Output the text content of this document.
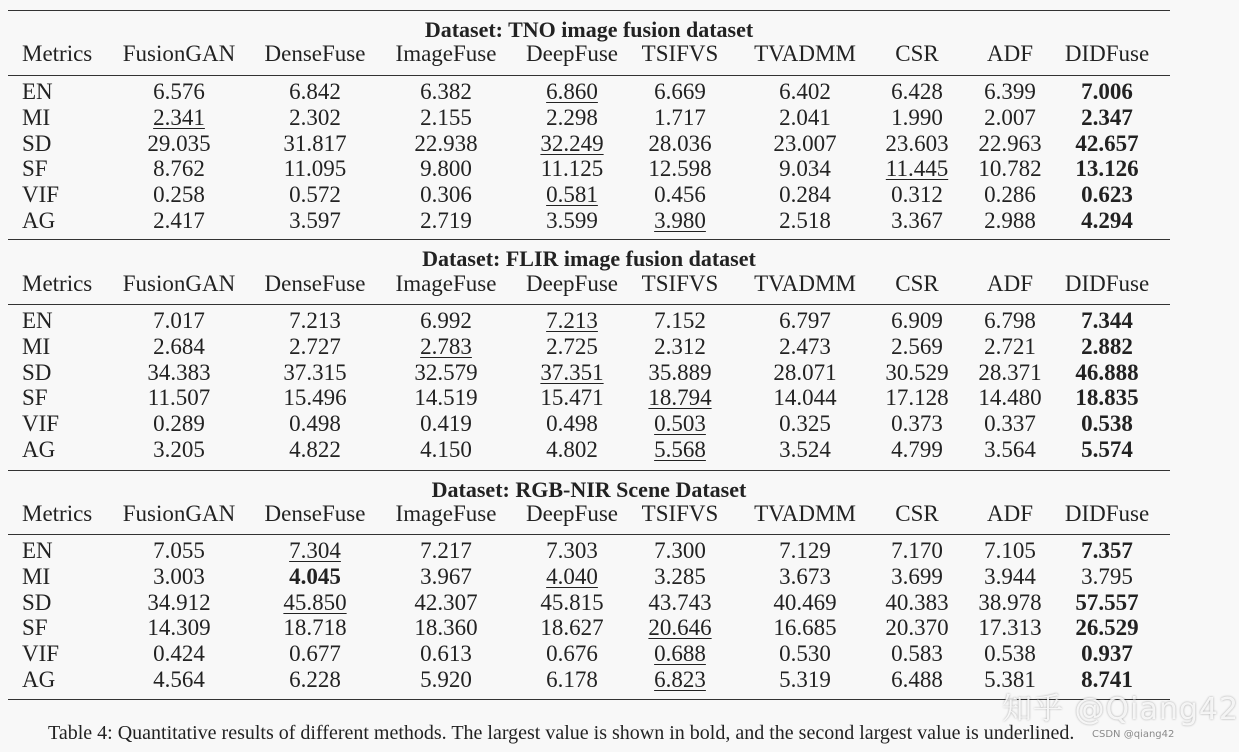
Dataset: TNO image fusion dataset
Metrics	FusionGAN	DenseFuse	ImageFuse	DeepFuse	TSIFVS	TVADMM	CSR	ADF	DIDFuse
EN	6.576	6.842	6.382	6.860	6.669	6.402	6.428	6.399	7.006
MI	2.341	2.302	2.155	2.298	1.717	2.041	1.990	2.007	2.347
SD	29.035	31.817	22.938	32.249	28.036	23.007	23.603	22.963	42.657
SF	8.762	11.095	9.800	11.125	12.598	9.034	11.445	10.782	13.126
VIF	0.258	0.572	0.306	0.581	0.456	0.284	0.312	0.286	0.623
AG	2.417	3.597	2.719	3.599	3.980	2.518	3.367	2.988	4.294
Dataset: FLIR image fusion dataset
Metrics	FusionGAN	DenseFuse	ImageFuse	DeepFuse	TSIFVS	TVADMM	CSR	ADF	DIDFuse
EN	7.017	7.213	6.992	7.213	7.152	6.797	6.909	6.798	7.344
MI	2.684	2.727	2.783	2.725	2.312	2.473	2.569	2.721	2.882
SD	34.383	37.315	32.579	37.351	35.889	28.071	30.529	28.371	46.888
SF	11.507	15.496	14.519	15.471	18.794	14.044	17.128	14.480	18.835
VIF	0.289	0.498	0.419	0.498	0.503	0.325	0.373	0.337	0.538
AG	3.205	4.822	4.150	4.802	5.568	3.524	4.799	3.564	5.574
Dataset: RGB-NIR Scene Dataset
Metrics	FusionGAN	DenseFuse	ImageFuse	DeepFuse	TSIFVS	TVADMM	CSR	ADF	DIDFuse
EN	7.055	7.304	7.217	7.303	7.300	7.129	7.170	7.105	7.357
MI	3.003	4.045	3.967	4.040	3.285	3.673	3.699	3.944	3.795
SD	34.912	45.850	42.307	45.815	43.743	40.469	40.383	38.978	57.557
SF	14.309	18.718	18.360	18.627	20.646	16.685	20.370	17.313	26.529
VIF	0.424	0.677	0.613	0.676	0.688	0.530	0.583	0.538	0.937
AG	4.564	6.228	5.920	6.178	6.823	5.319	6.488	5.381	8.741
Table 4: Quantitative results of different methods. The largest value is shown in bold, and the second largest value is underlined.
知乎 @Qiang42
CSDN @qiang42
